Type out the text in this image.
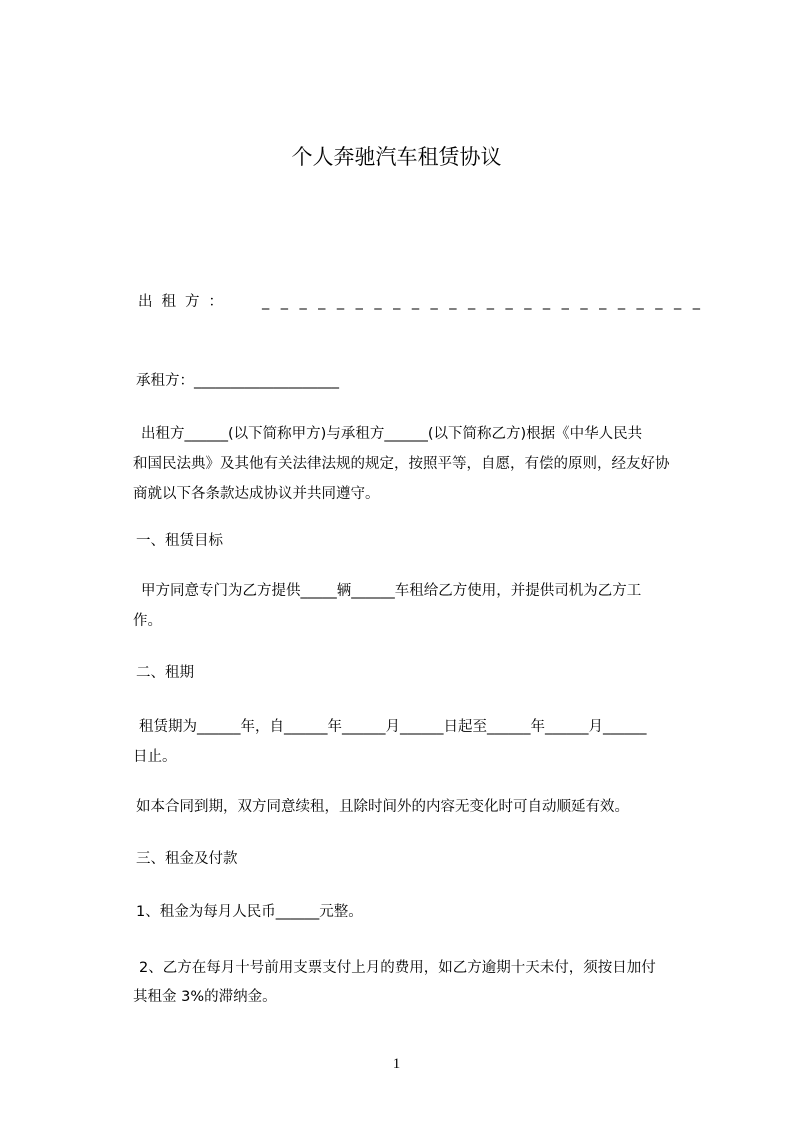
个人奔驰汽车租赁协议
出租方：	_ _ _ _ _ _ _ _ _ _ _ _ _ _ _ _ _ _ _ _ _ _ _ _
承租方：____________________
出租方______(以下简称甲方)与承租方______(以下简称乙方)根据《中华人民共
和国民法典》及其他有关法律法规的规定，按照平等，自愿，有偿的原则，经友好协
商就以下各条款达成协议并共同遵守。
一、租赁目标
甲方同意专门为乙方提供_____辆______车租给乙方使用，并提供司机为乙方工
作。
二、租期
租赁期为______年，自______年______月______日起至______年______月______
日止。
如本合同到期，双方同意续租，且除时间外的内容无变化时可自动顺延有效。
三、租金及付款
1、租金为每月人民币______元整。
2、乙方在每月十号前用支票支付上月的费用，如乙方逾期十天未付，须按日加付
其租金 3%的滞纳金。
1
